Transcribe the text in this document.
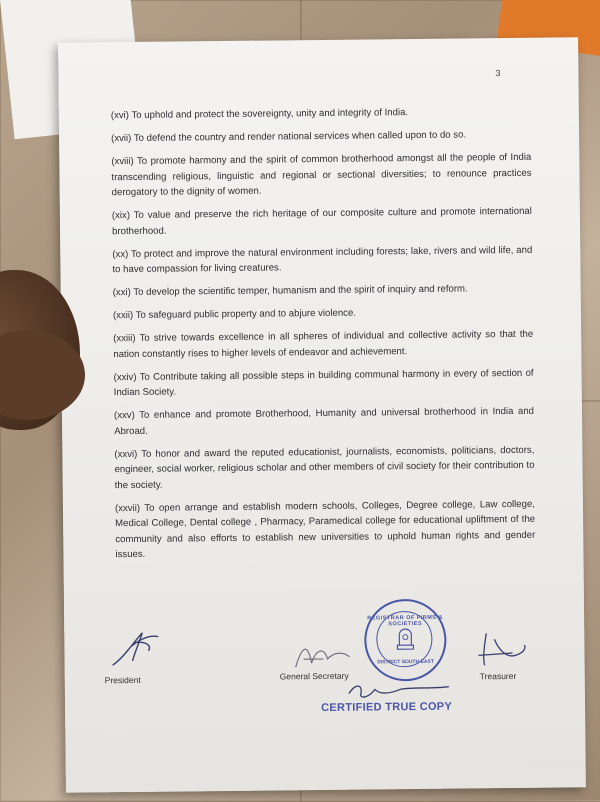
3

(xvi) To uphold and protect the sovereignty, unity and integrity of India.

(xvii) To defend the country and render national services when called upon to do so.

(xviii) To promote harmony and the spirit of common brotherhood amongst all the people of India transcending religious, linguistic and regional or sectional diversities; to renounce practices derogatory to the dignity of women.

(xix) To value and preserve the rich heritage of our composite culture and promote international brotherhood.

(xx) To protect and improve the natural environment including forests; lake, rivers and wild life, and to have compassion for living creatures.

(xxi) To develop the scientific temper, humanism and the spirit of inquiry and reform.

(xxii) To safeguard public property and to abjure violence.

(xxiii) To strive towards excellence in all spheres of individual and collective activity so that the nation constantly rises to higher levels of endeavor and achievement.

(xxiv) To Contribute taking all possible steps in building communal harmony in every of section of Indian Society.

(xxv) To enhance and promote Brotherhood, Humanity and universal brotherhood in India and Abroad.

(xxvi) To honor and award the reputed educationist, journalists, economists, politicians, doctors, engineer, social worker, religious scholar and other members of civil society for their contribution to the society.

(xxvii) To open arrange and establish modern schools, Colleges, Degree college, Law college, Medical College, Dental college , Pharmacy, Paramedical college for educational upliftment of the community and also efforts to establish new universities to uphold human rights and gender issues.

President	General Secretary	Treasurer
REGISTRAR OF FIRMS & SOCIETIES
DISTRICT SOUTH EAST
CERTIFIED TRUE COPY
